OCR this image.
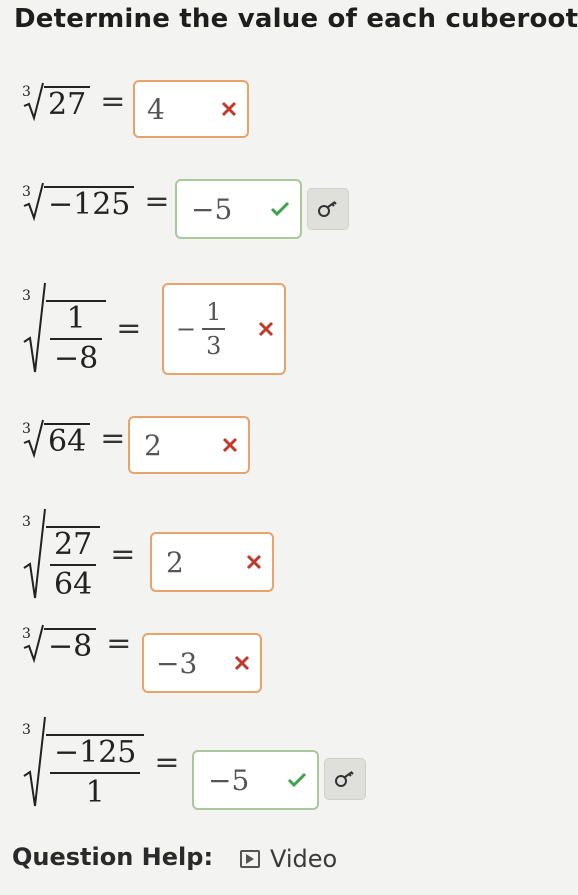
Determine the value of each cuberoot
3 27 = 4
3 −125 = −5
3
$\frac{1}{-8}$ = − $\frac{1}{3}$
3 64 = 2
3
$\frac{27}{64} = 2$
3 −8 =
−3
3
$\frac{-125}{1}$ =
−5
Question Help: Video
